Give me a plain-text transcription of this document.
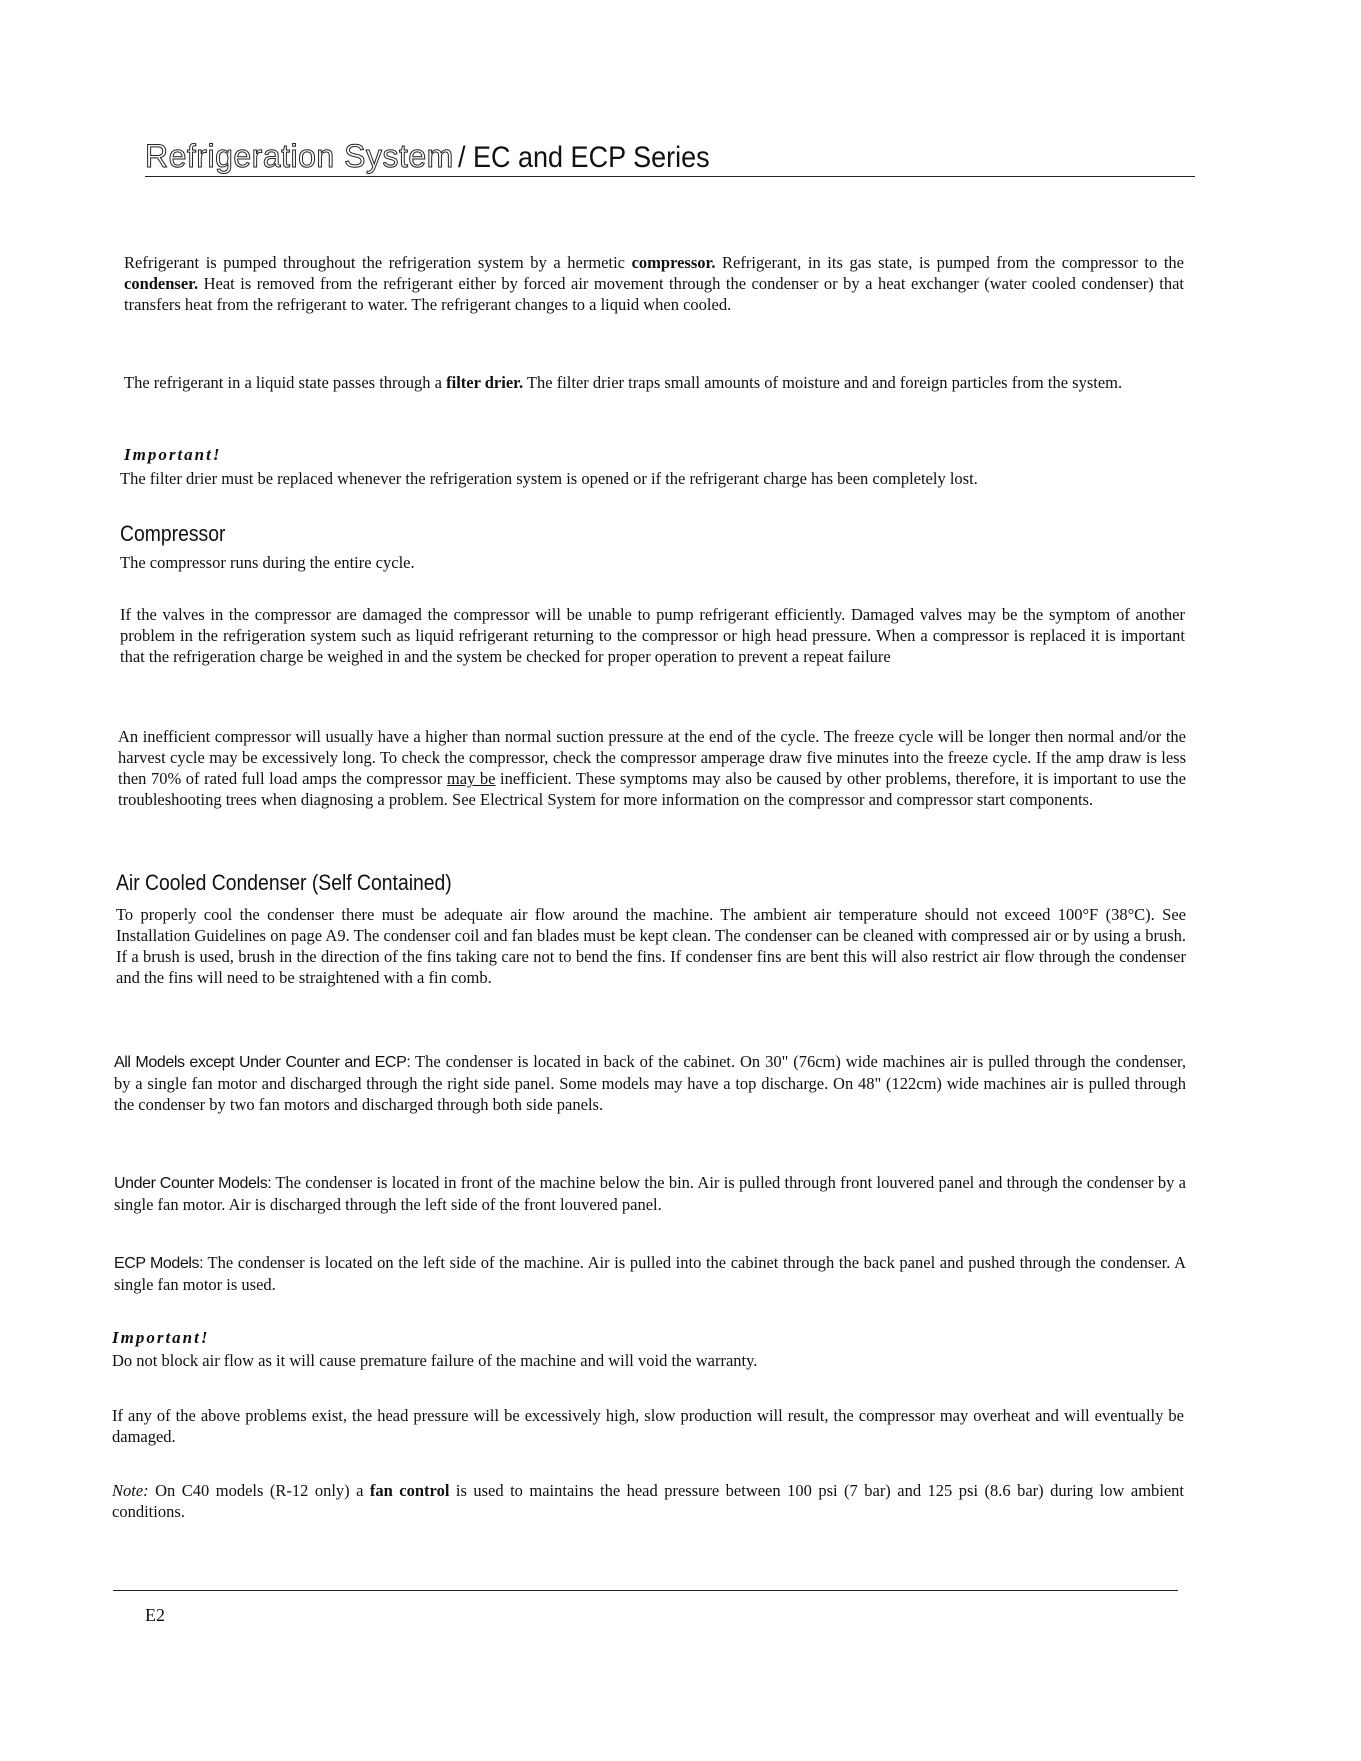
Refrigeration System / EC and ECP Series

Refrigerant is pumped throughout the refrigeration system by a hermetic compressor. Refrigerant, in its gas state, is pumped from the compressor to the condenser. Heat is removed from the refrigerant either by forced air movement through the condenser or by a heat exchanger (water cooled condenser) that transfers heat from the refrigerant to water. The refrigerant changes to a liquid when cooled.

The refrigerant in a liquid state passes through a filter drier. The filter drier traps small amounts of moisture and and foreign particles from the system.

Important!

The filter drier must be replaced whenever the refrigeration system is opened or if the refrigerant charge has been completely lost.

Compressor

The compressor runs during the entire cycle.

If the valves in the compressor are damaged the compressor will be unable to pump refrigerant efficiently. Damaged valves may be the symptom of another problem in the refrigeration system such as liquid refrigerant returning to the compressor or high head pressure. When a compressor is replaced it is important that the refrigeration charge be weighed in and the system be checked for proper operation to prevent a repeat failure

An inefficient compressor will usually have a higher than normal suction pressure at the end of the cycle. The freeze cycle will be longer then normal and/or the harvest cycle may be excessively long. To check the compressor, check the compressor amperage draw five minutes into the freeze cycle. If the amp draw is less then 70% of rated full load amps the compressor may be inefficient. These symptoms may also be caused by other problems, therefore, it is important to use the troubleshooting trees when diagnosing a problem. See Electrical System for more information on the compressor and compressor start components.

Air Cooled Condenser (Self Contained)

To properly cool the condenser there must be adequate air flow around the machine. The ambient air temperature should not exceed 100°F (38°C). See Installation Guidelines on page A9. The condenser coil and fan blades must be kept clean. The condenser can be cleaned with compressed air or by using a brush. If a brush is used, brush in the direction of the fins taking care not to bend the fins. If condenser fins are bent this will also restrict air flow through the condenser and the fins will need to be straightened with a fin comb.

All Models except Under Counter and ECP: The condenser is located in back of the cabinet. On 30" (76cm) wide machines air is pulled through the condenser, by a single fan motor and discharged through the right side panel. Some models may have a top discharge. On 48" (122cm) wide machines air is pulled through the condenser by two fan motors and discharged through both side panels.

Under Counter Models: The condenser is located in front of the machine below the bin. Air is pulled through front louvered panel and through the condenser by a single fan motor. Air is discharged through the left side of the front louvered panel.

ECP Models: The condenser is located on the left side of the machine. Air is pulled into the cabinet through the back panel and pushed through the condenser. A single fan motor is used.

Important!

Do not block air flow as it will cause premature failure of the machine and will void the warranty.

If any of the above problems exist, the head pressure will be excessively high, slow production will result, the compressor may overheat and will eventually be damaged.

Note: On C40 models (R-12 only) a fan control is used to maintains the head pressure between 100 psi (7 bar) and 125 psi (8.6 bar) during low ambient conditions.

E2
